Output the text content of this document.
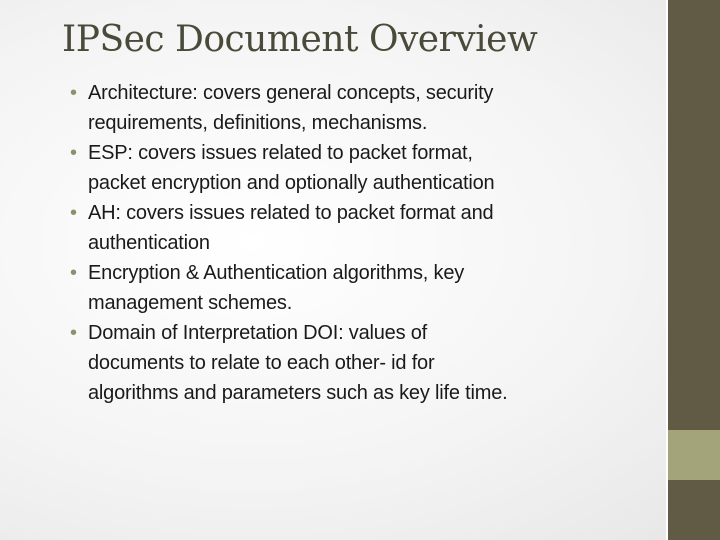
IPSec Document Overview
• Architecture: covers general concepts, security
requirements, definitions, mechanisms.
• ESP: covers issues related to packet format,
packet encryption and optionally authentication
• AH: covers issues related to packet format and
authentication
• Encryption & Authentication algorithms, key
management schemes.
• Domain of Interpretation DOI: values of
documents to relate to each other- id for
algorithms and parameters such as key life time.
